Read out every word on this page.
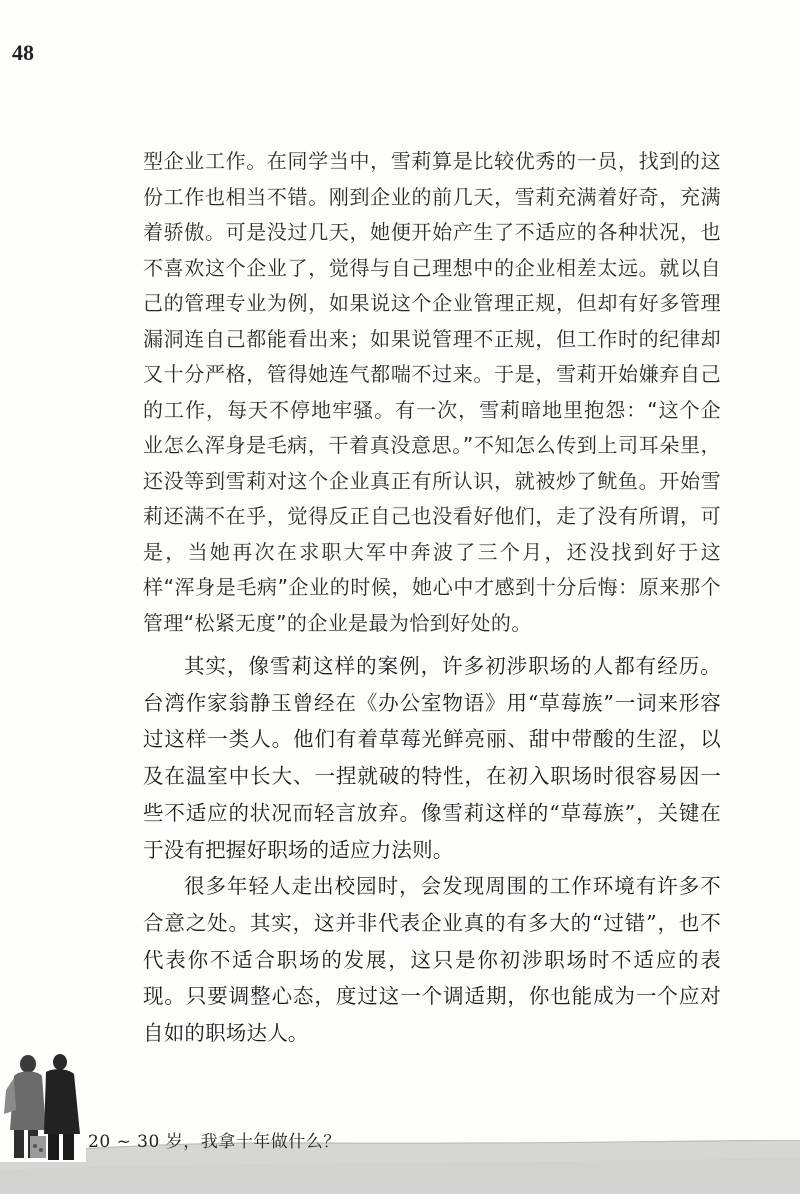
48

型企业工作。在同学当中，雪莉算是比较优秀的一员，找到的这份工作也相当不错。刚到企业的前几天，雪莉充满着好奇，充满着骄傲。可是没过几天，她便开始产生了不适应的各种状况，也不喜欢这个企业了，觉得与自己理想中的企业相差太远。就以自己的管理专业为例，如果说这个企业管理正规，但却有好多管理漏洞连自己都能看出来；如果说管理不正规，但工作时的纪律却又十分严格，管得她连气都喘不过来。于是，雪莉开始嫌弃自己的工作，每天不停地牢骚。有一次，雪莉暗地里抱怨：“这个企业怎么浑身是毛病，干着真没意思。”不知怎么传到上司耳朵里，还没等到雪莉对这个企业真正有所认识，就被炒了鱿鱼。开始雪莉还满不在乎，觉得反正自己也没看好他们，走了没有所谓，可是，当她再次在求职大军中奔波了三个月，还没找到好于这样“浑身是毛病”企业的时候，她心中才感到十分后悔：原来那个管理“松紧无度”的企业是最为恰到好处的。

其实，像雪莉这样的案例，许多初涉职场的人都有经历。台湾作家翁静玉曾经在《办公室物语》用“草莓族”一词来形容过这样一类人。他们有着草莓光鲜亮丽、甜中带酸的生涩，以及在温室中长大、一捏就破的特性，在初入职场时很容易因一些不适应的状况而轻言放弃。像雪莉这样的“草莓族”，关键在于没有把握好职场的适应力法则。

很多年轻人走出校园时，会发现周围的工作环境有许多不合意之处。其实，这并非代表企业真的有多大的“过错”，也不代表你不适合职场的发展，这只是你初涉职场时不适应的表现。只要调整心态，度过这一个调适期，你也能成为一个应对自如的职场达人。

20 ~ 30 岁，我拿十年做什么？
